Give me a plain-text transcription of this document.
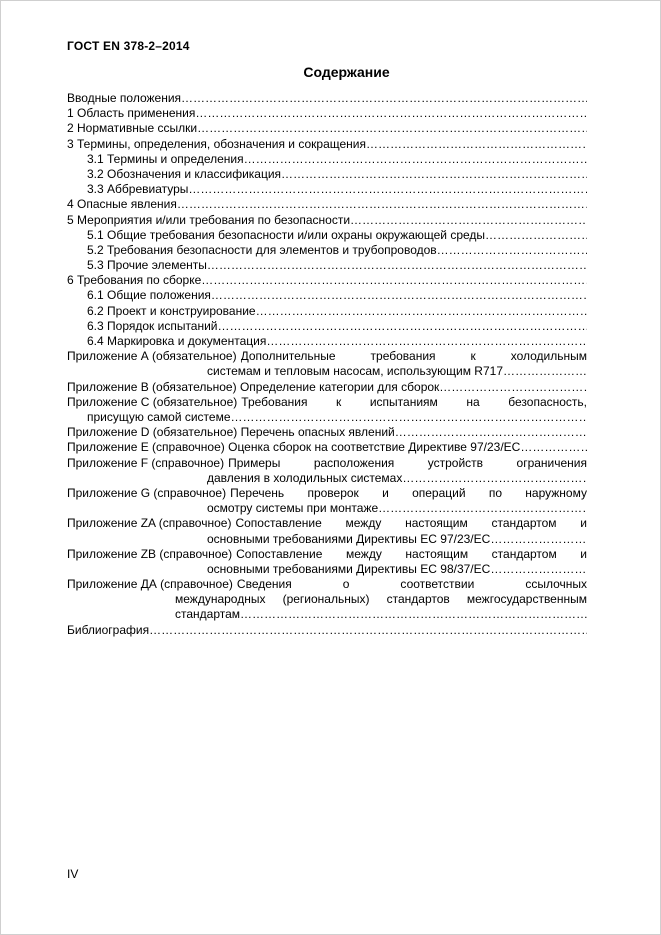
ГОСТ EN 378-2–2014
Содержание
Вводные положения
………………………………………………………………………………………………………………………………………………………………………………………………………………
1 Область применения
………………………………………………………………………………………………………………………………………………………………………………………………………………
2 Нормативные ссылки
………………………………………………………………………………………………………………………………………………………………………………………………………………
3 Термины, определения, обозначения и сокращения
………………………………………………………………………………………………………………………………………………………………………………………………………………
3.1 Термины и определения
………………………………………………………………………………………………………………………………………………………………………………………………………………
3.2 Обозначения и классификация
………………………………………………………………………………………………………………………………………………………………………………………………………………
3.3 Аббревиатуры
………………………………………………………………………………………………………………………………………………………………………………………………………………
4 Опасные явления
………………………………………………………………………………………………………………………………………………………………………………………………………………
5 Мероприятия и/или требования по безопасности
………………………………………………………………………………………………………………………………………………………………………………………………………………
5.1 Общие требования безопасности и/или охраны окружающей среды
………………………………………………………………………………………………………………………………………………………………………………………………………………
5.2 Требования безопасности для элементов и трубопроводов
………………………………………………………………………………………………………………………………………………………………………………………………………………
5.3 Прочие элементы
………………………………………………………………………………………………………………………………………………………………………………………………………………
6 Требования по сборке
………………………………………………………………………………………………………………………………………………………………………………………………………………
6.1 Общие положения
………………………………………………………………………………………………………………………………………………………………………………………………………………
6.2 Проект и конструирование
………………………………………………………………………………………………………………………………………………………………………………………………………………
6.3 Порядок испытаний
………………………………………………………………………………………………………………………………………………………………………………………………………………
6.4 Маркировка и документация
………………………………………………………………………………………………………………………………………………………………………………………………………………
Приложение А (обязательное) Дополнительные требования к холодильным
системам и тепловым насосам, использующим R717
………………………………………………………………………………………………………………………………………………………………………………
Приложение В (обязательное) Определение категории для сборок
………………………………………………………………………………………………………………………………………………………………………………………………………………
Приложение С (обязательное) Требования к испытаниям на безопасность,
присущую самой системе
………………………………………………………………………………………………………………………………………………………………………………
Приложение D (обязательное) Перечень опасных явлений
………………………………………………………………………………………………………………………………………………………………………………………………………………
Приложение Е (справочное) Оценка сборок на соответствие Директиве 97/23/ЕС
………………………………………………………………………………………………………………………………………………………………………………………………………………
Приложение F (справочное) Примеры расположения устройств ограничения
давления в холодильных системах
………………………………………………………………………………………………………………………………………………………………………………
Приложение G (справочное) Перечень проверок и операций по наружному
осмотру системы при монтаже
………………………………………………………………………………………………………………………………………………………………………………
Приложение ZA (справочное) Сопоставление между настоящим стандартом и
основными требованиями Директивы ЕС 97/23/ЕС
………………………………………………………………………………………………………………………………………………………………………………
Приложение ZB (справочное) Сопоставление между настоящим стандартом и
основными требованиями Директивы ЕС 98/37/ЕС
………………………………………………………………………………………………………………………………………………………………………………
Приложение ДА (справочное) Сведения о соответствии ссылочных
международных (региональных) стандартов межгосударственным
стандартам
………………………………………………………………………………………………………………………………………………………………………………
Библиография
………………………………………………………………………………………………………………………………………………………………………………………………………………
IV
